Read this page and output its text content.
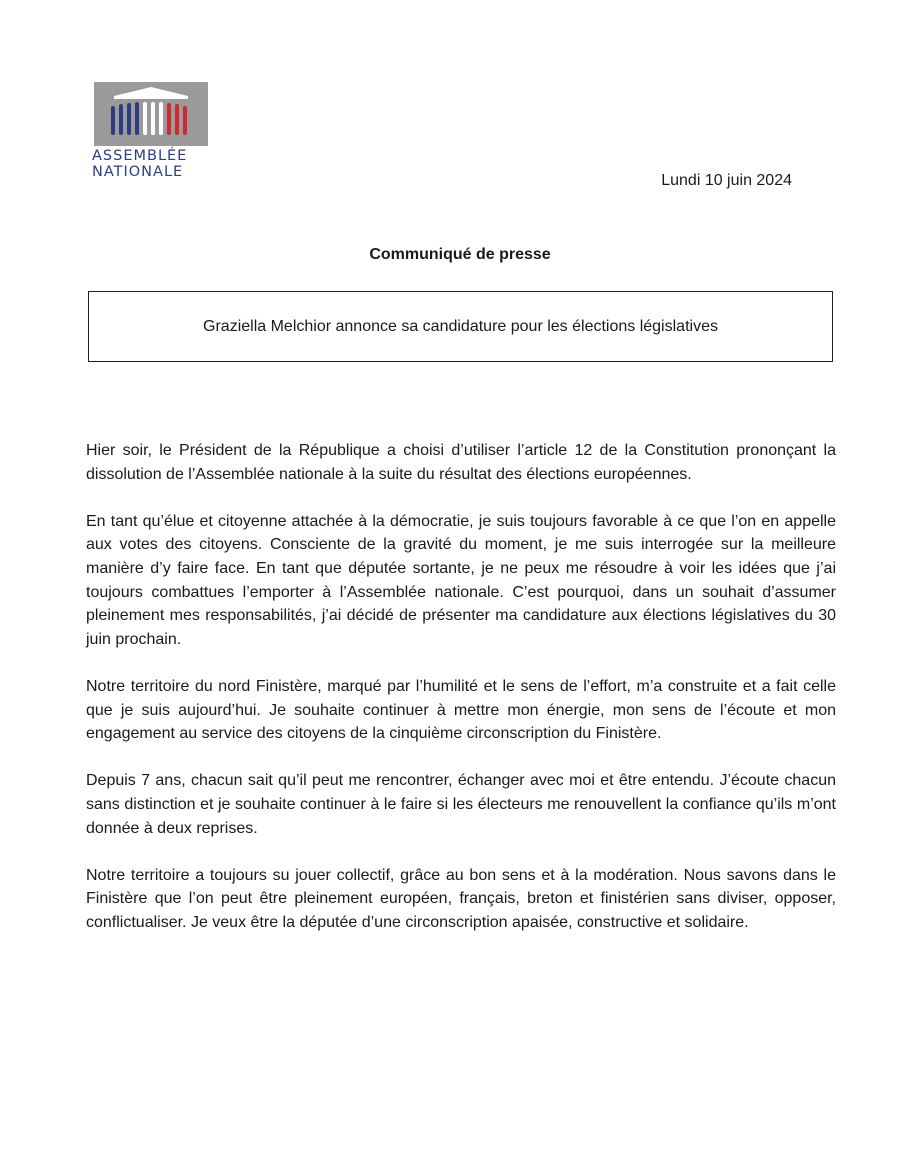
ASSEMBLÉE
NATIONALE	Lundi 10 juin 2024
Communiqué de presse
Graziella Melchior annonce sa candidature pour les élections législatives

Hier soir, le Président de la République a choisi d’utiliser l’article 12 de la Constitution prononçant la dissolution de l’Assemblée nationale à la suite du résultat des élections européennes.

En tant qu’élue et citoyenne attachée à la démocratie, je suis toujours favorable à ce que l’on en appelle aux votes des citoyens. Consciente de la gravité du moment, je me suis interrogée sur la meilleure manière d’y faire face. En tant que députée sortante, je ne peux me résoudre à voir les idées que j’ai toujours combattues l’emporter à l’Assemblée nationale. C’est pourquoi, dans un souhait d’assumer pleinement mes responsabilités, j’ai décidé de présenter ma candidature aux élections législatives du 30 juin prochain.

Notre territoire du nord Finistère, marqué par l’humilité et le sens de l’effort, m’a construite et a fait celle que je suis aujourd’hui. Je souhaite continuer à mettre mon énergie, mon sens de l’écoute et mon engagement au service des citoyens de la cinquième circonscription du Finistère.

Depuis 7 ans, chacun sait qu’il peut me rencontrer, échanger avec moi et être entendu. J’écoute chacun sans distinction et je souhaite continuer à le faire si les électeurs me renouvellent la confiance qu’ils m’ont donnée à deux reprises.

Notre territoire a toujours su jouer collectif, grâce au bon sens et à la modération. Nous savons dans le Finistère que l’on peut être pleinement européen, français, breton et finistérien sans diviser, opposer, conflictualiser. Je veux être la députée d’une circonscription apaisée, constructive et solidaire.
